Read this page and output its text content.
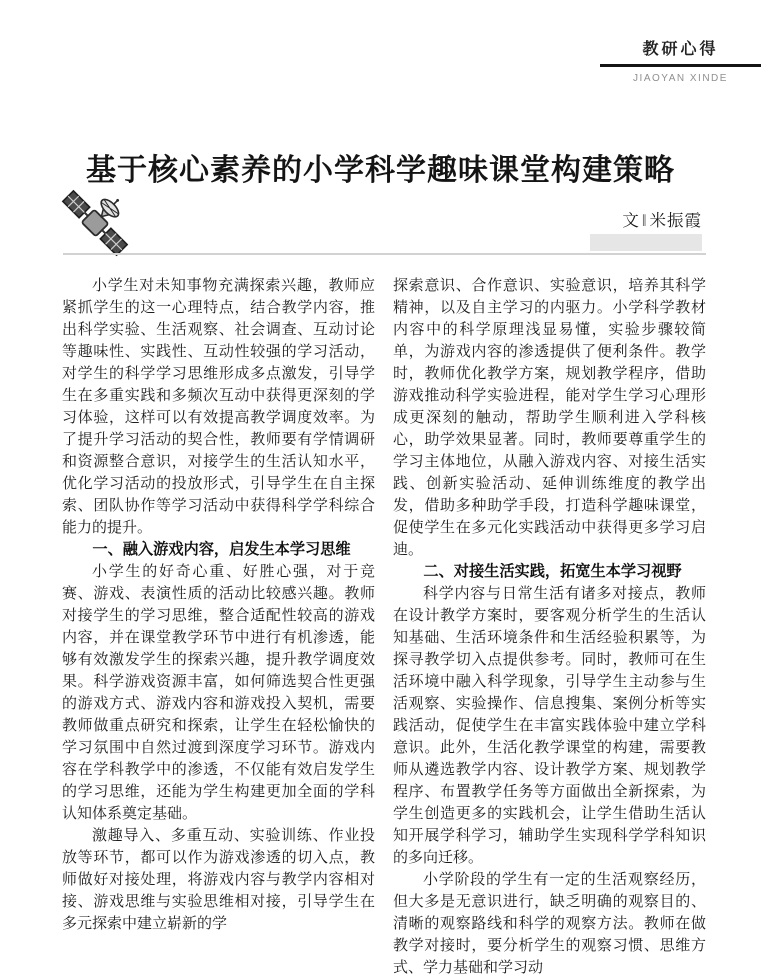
教研心得
JIAOYAN XINDE
基于核心素养的小学科学趣味课堂构建策略
文 ‖ 米振霞

小学生对未知事物充满探索兴趣，教师应紧抓学生的这一心理特点，结合教学内容，推出科学实验、生活观察、社会调查、互动讨论等趣味性、实践性、互动性较强的学习活动，对学生的科学学习思维形成多点激发，引导学生在多重实践和多频次互动中获得更深刻的学习体验，这样可以有效提高教学调度效率。为了提升学习活动的契合性，教师要有学情调研和资源整合意识，对接学生的生活认知水平，优化学习活动的投放形式，引导学生在自主探索、团队协作等学习活动中获得科学学科综合能力的提升。

一、融入游戏内容，启发生本学习思维

小学生的好奇心重、好胜心强，对于竞赛、游戏、表演性质的活动比较感兴趣。教师对接学生的学习思维，整合适配性较高的游戏内容，并在课堂教学环节中进行有机渗透，能够有效激发学生的探索兴趣，提升教学调度效果。科学游戏资源丰富，如何筛选契合性更强的游戏方式、游戏内容和游戏投入契机，需要教师做重点研究和探索，让学生在轻松愉快的学习氛围中自然过渡到深度学习环节。游戏内容在学科教学中的渗透，不仅能有效启发学生的学习思维，还能为学生构建更加全面的学科认知体系奠定基础。

激趣导入、多重互动、实验训练、作业投放等环节，都可以作为游戏渗透的切入点，教师做好对接处理，将游戏内容与教学内容相对接、游戏思维与实验思维相对接，引导学生在多元探索中建立崭新的学

探索意识、合作意识、实验意识，培养其科学精神，以及自主学习的内驱力。小学科学教材内容中的科学原理浅显易懂，实验步骤较简单，为游戏内容的渗透提供了便利条件。教学时，教师优化教学方案，规划教学程序，借助游戏推动科学实验进程，能对学生学习心理形成更深刻的触动，帮助学生顺利进入学科核心，助学效果显著。同时，教师要尊重学生的学习主体地位，从融入游戏内容、对接生活实践、创新实验活动、延伸训练维度的教学出发，借助多种助学手段，打造科学趣味课堂，促使学生在多元化实践活动中获得更多学习启迪。

二、对接生活实践，拓宽生本学习视野

科学内容与日常生活有诸多对接点，教师在设计教学方案时，要客观分析学生的生活认知基础、生活环境条件和生活经验积累等，为探寻教学切入点提供参考。同时，教师可在生活环境中融入科学现象，引导学生主动参与生活观察、实验操作、信息搜集、案例分析等实践活动，促使学生在丰富实践体验中建立学科意识。此外，生活化教学课堂的构建，需要教师从遴选教学内容、设计教学方案、规划教学程序、布置教学任务等方面做出全新探索，为学生创造更多的实践机会，让学生借助生活认知开展学科学习，辅助学生实现科学学科知识的多向迁移。

小学阶段的学生有一定的生活观察经历，但大多是无意识进行，缺乏明确的观察目的、清晰的观察路线和科学的观察方法。教师在做教学对接时，要分析学生的观察习惯、思维方式、学力基础和学习动
